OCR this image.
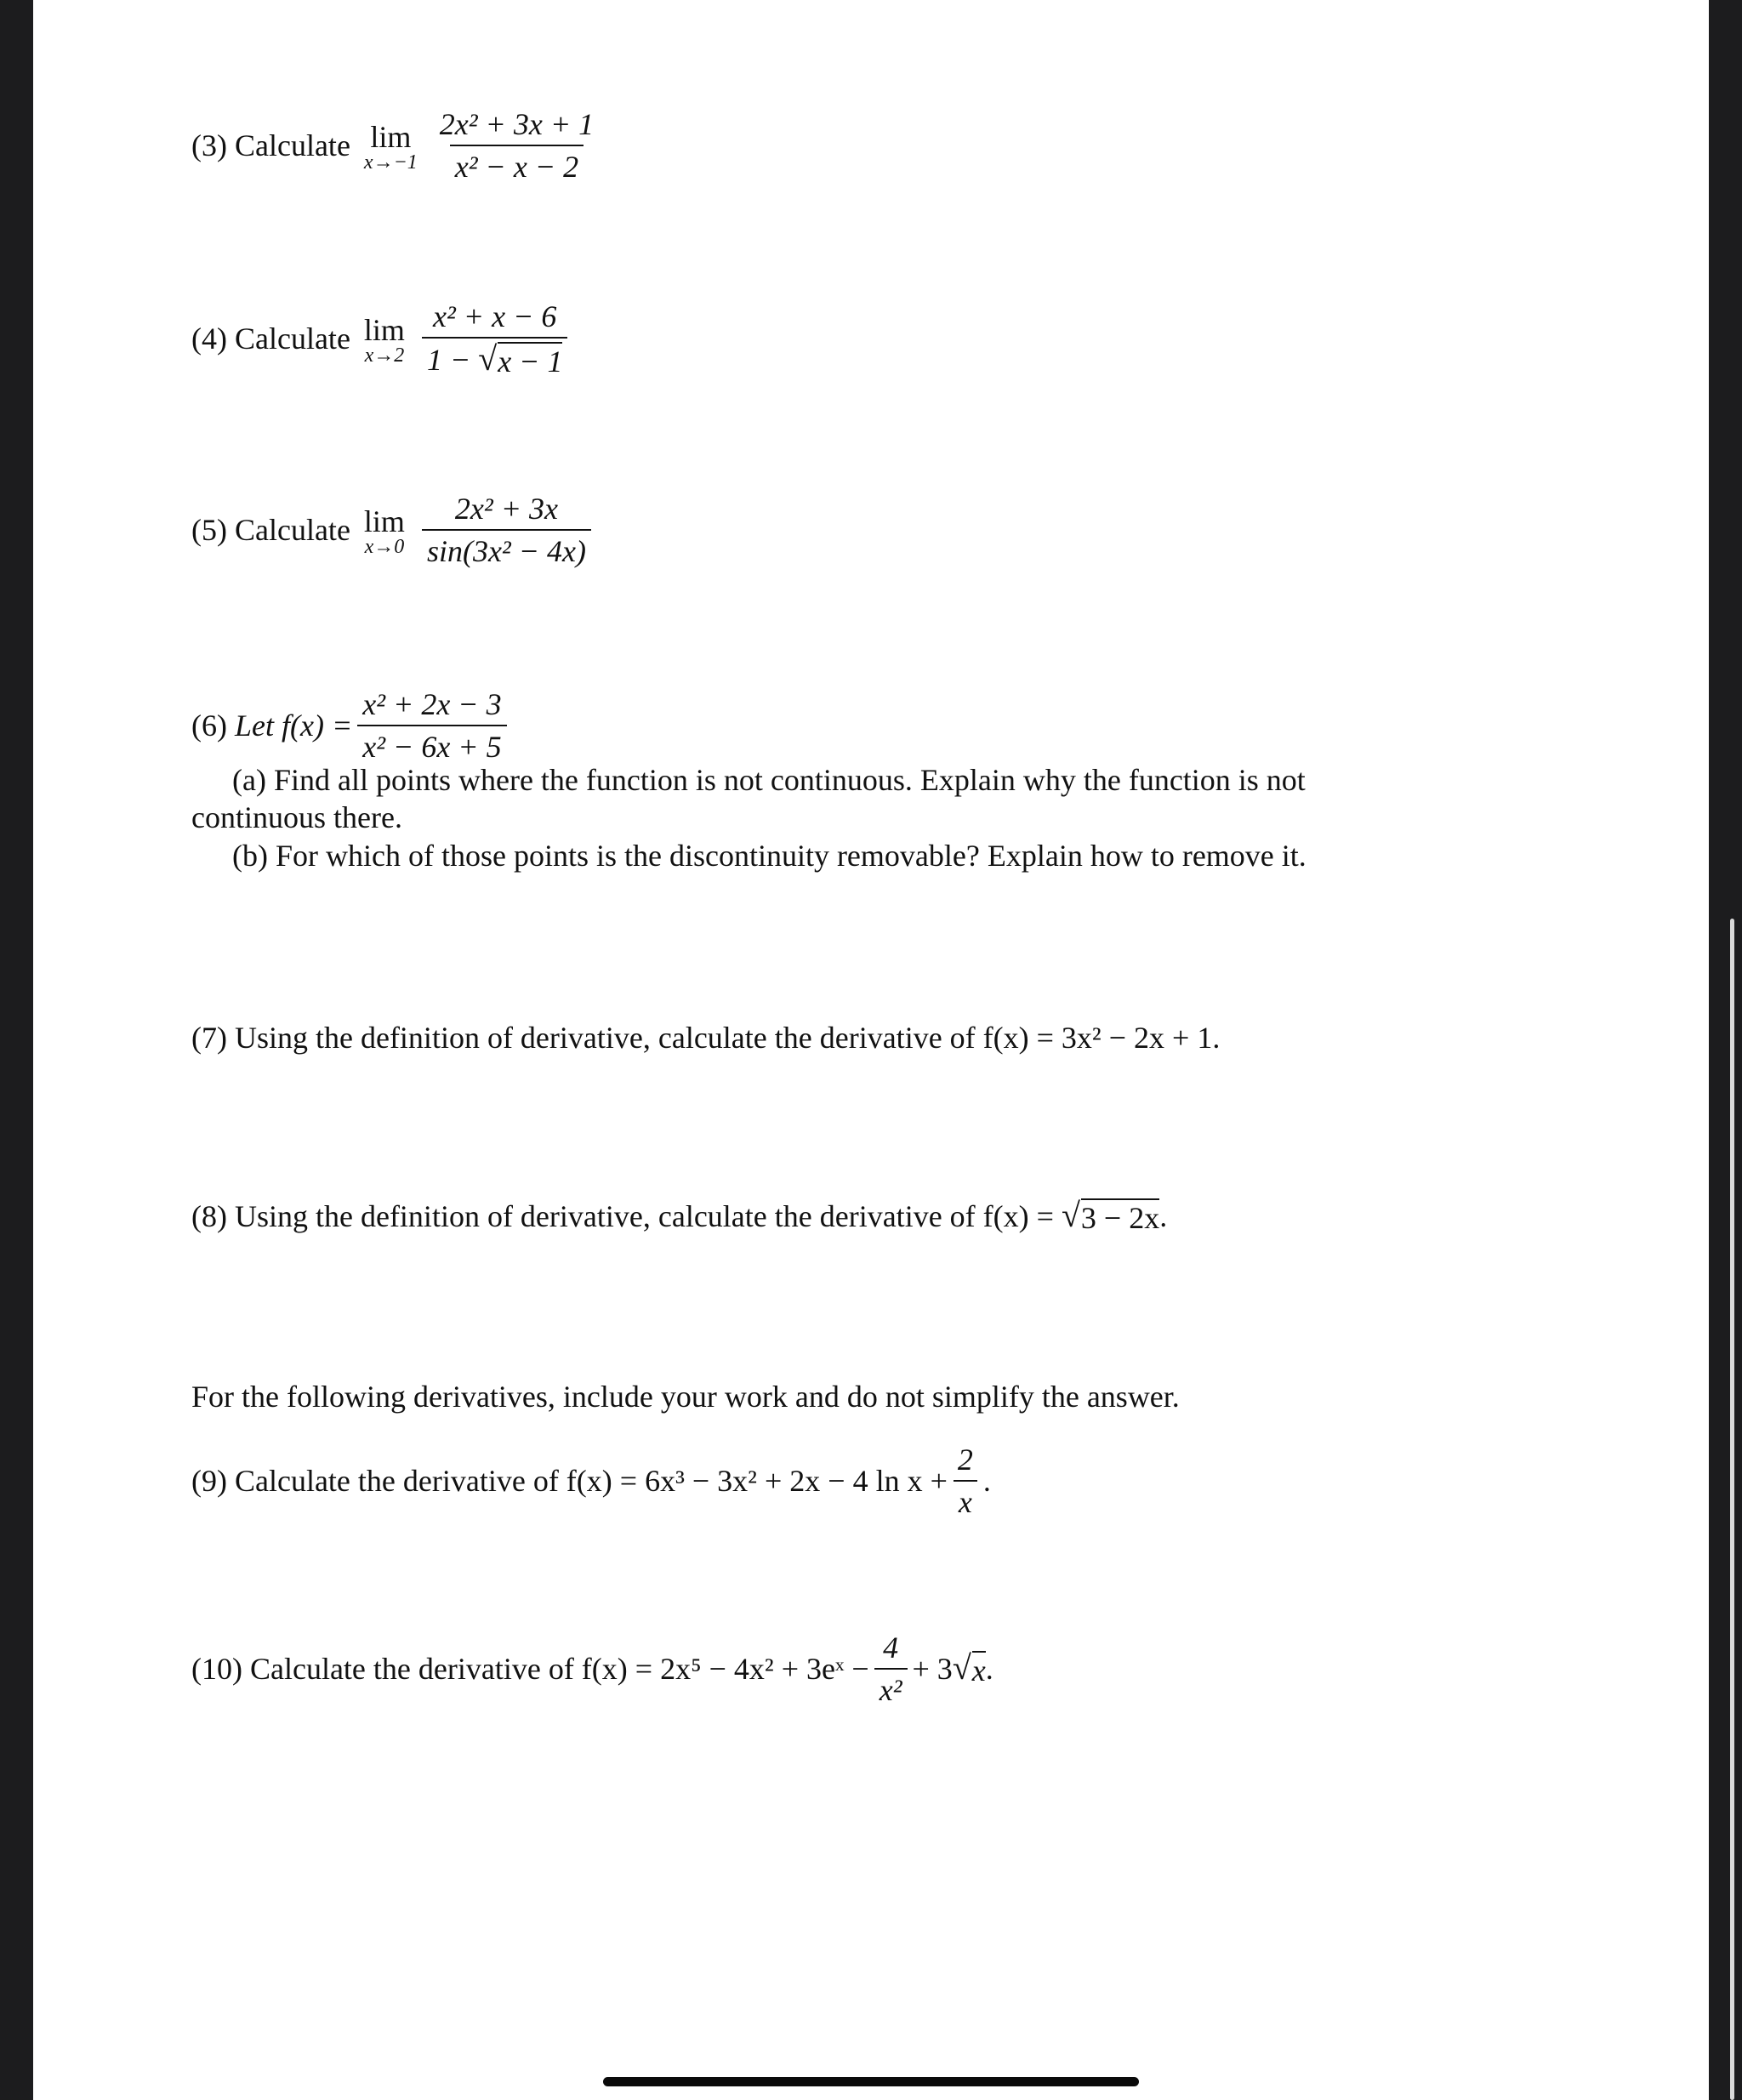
(3)
Calculate lim
$x\to-1 \frac{\text{2x² + 3x + 1}}{\text{x² − x − 2}}$
(4)
Calculate lim
$x\to 2 \frac{\text{x² + x − 6}}{1 - √ x - 1}$
(5)
Calculate lim
$x\to 0 \frac{\text{2x² + 3x}}{\text{sin(3x² − 4x)}}$
(6)
Let $f(x) = \frac{\text{x² + 2x − 3}}{\text{x² − 6x + 5}}$
(a) Find all points where the function is not continuous. Explain why the function is not
continuous there.
(b) For which of those points is the discontinuity removable? Explain how to remove it.
(7) Using the definition of derivative, calculate the derivative of f(x) = 3x² − 2x + 1.
(8) Using the definition of derivative, calculate the derivative of f(x) =
√ 3 − 2x .
For the following derivatives, include your work and do not simplify the answer.
(9) Calculate the derivative of f(x) = 6x³ − 3x² + 2x − 4 $\ln x + \frac{2}{x}$ .
(10) Calculate the derivative of f(x) = 2x⁵ − 4x² + 3eˣ − $\frac{4}{\text{x²}} + 3$ √ x .
